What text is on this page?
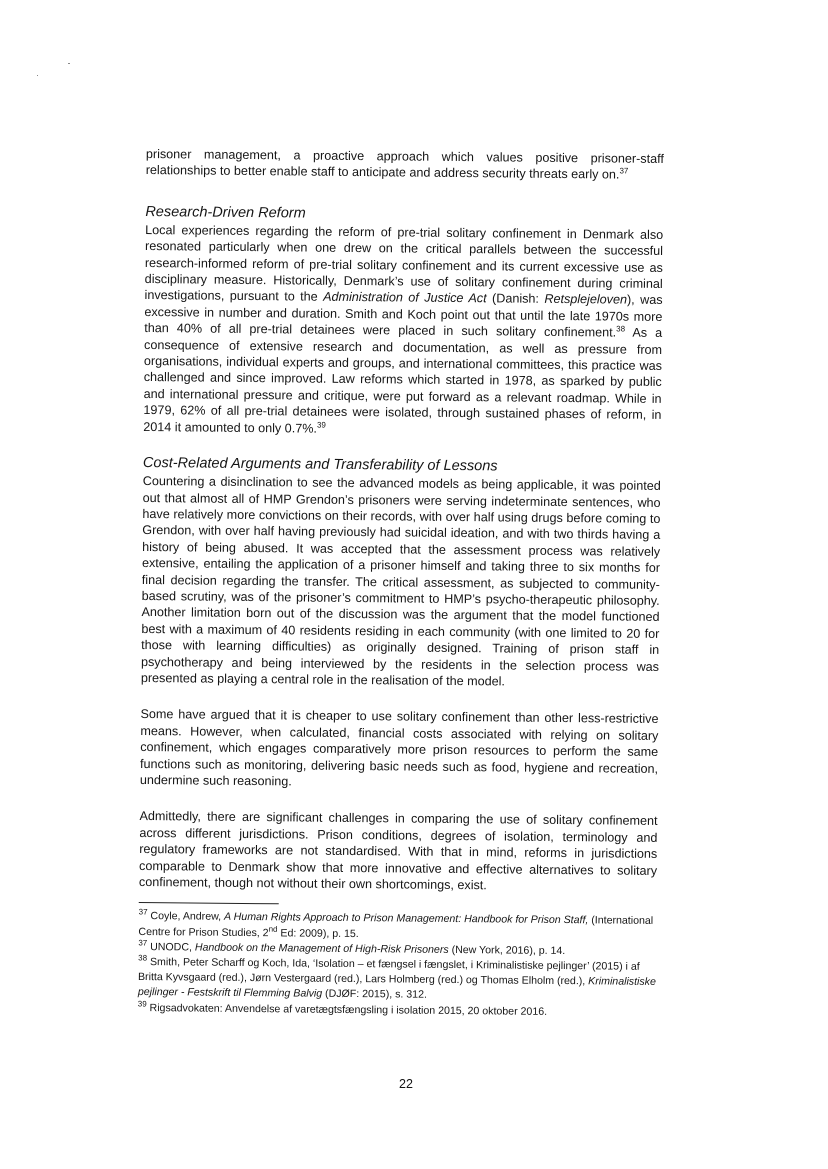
prisoner management, a proactive approach which values positive prisoner-staff relationships to better enable staff to anticipate and address security threats early on.$^{37}$

Research-Driven Reform

Local experiences regarding the reform of pre-trial solitary confinement in Denmark also resonated particularly when one drew on the critical parallels between the successful research-informed reform of pre-trial solitary confinement and its current excessive use as disciplinary measure. Historically, Denmark’s use of solitary confinement during criminal investigations, pursuant to the Administration of Justice Act (Danish: Retsplejeloven), was excessive in number and duration. Smith and Koch point out that until the late 1970s more than 40% of all pre-trial detainees were placed in such solitary confinement.$^{38}$ As a consequence of extensive research and documentation, as well as pressure from organisations, individual experts and groups, and international committees, this practice was challenged and since improved. Law reforms which started in 1978, as sparked by public and international pressure and critique, were put forward as a relevant roadmap. While in 1979, 62% of all pre-trial detainees were isolated, through sustained phases of reform, in 2014 it amounted to only 0.7%.$^{39}$

Cost-Related Arguments and Transferability of Lessons

Countering a disinclination to see the advanced models as being applicable, it was pointed out that almost all of HMP Grendon’s prisoners were serving indeterminate sentences, who have relatively more convictions on their records, with over half using drugs before coming to Grendon, with over half having previously had suicidal ideation, and with two thirds having a history of being abused. It was accepted that the assessment process was relatively extensive, entailing the application of a prisoner himself and taking three to six months for final decision regarding the transfer. The critical assessment, as subjected to community-based scrutiny, was of the prisoner’s commitment to HMP’s psycho-therapeutic philosophy. Another limitation born out of the discussion was the argument that the model functioned best with a maximum of 40 residents residing in each community (with one limited to 20 for those with learning difficulties) as originally designed. Training of prison staff in psychotherapy and being interviewed by the residents in the selection process was presented as playing a central role in the realisation of the model.

Some have argued that it is cheaper to use solitary confinement than other less-restrictive means. However, when calculated, financial costs associated with relying on solitary confinement, which engages comparatively more prison resources to perform the same functions such as monitoring, delivering basic needs such as food, hygiene and recreation, undermine such reasoning.

Admittedly, there are significant challenges in comparing the use of solitary confinement across different jurisdictions. Prison conditions, degrees of isolation, terminology and regulatory frameworks are not standardised. With that in mind, reforms in jurisdictions comparable to Denmark show that more innovative and effective alternatives to solitary confinement, though not without their own shortcomings, exist.

$^{37}$ Coyle, Andrew, A Human Rights Approach to Prison Management: Handbook for Prison Staff, (International Centre for Prison Studies, 2nd Ed: 2009), p. 15.

$^{37}$ UNODC, Handbook on the Management of High-Risk Prisoners (New York, 2016), p. 14.

$^{38}$ Smith, Peter Scharff og Koch, Ida, ‘Isolation – et fængsel i fængslet, i Kriminalistiske pejlinger’ (2015) i af Britta Kyvsgaard (red.), Jørn Vestergaard (red.), Lars Holmberg (red.) og Thomas Elholm (red.), Kriminalistiske pejlinger - Festskrift til Flemming Balvig (DJØF: 2015), s. 312.

$^{39}$ Rigsadvokaten: Anvendelse af varetægtsfængsling i isolation 2015, 20 oktober 2016.

22
